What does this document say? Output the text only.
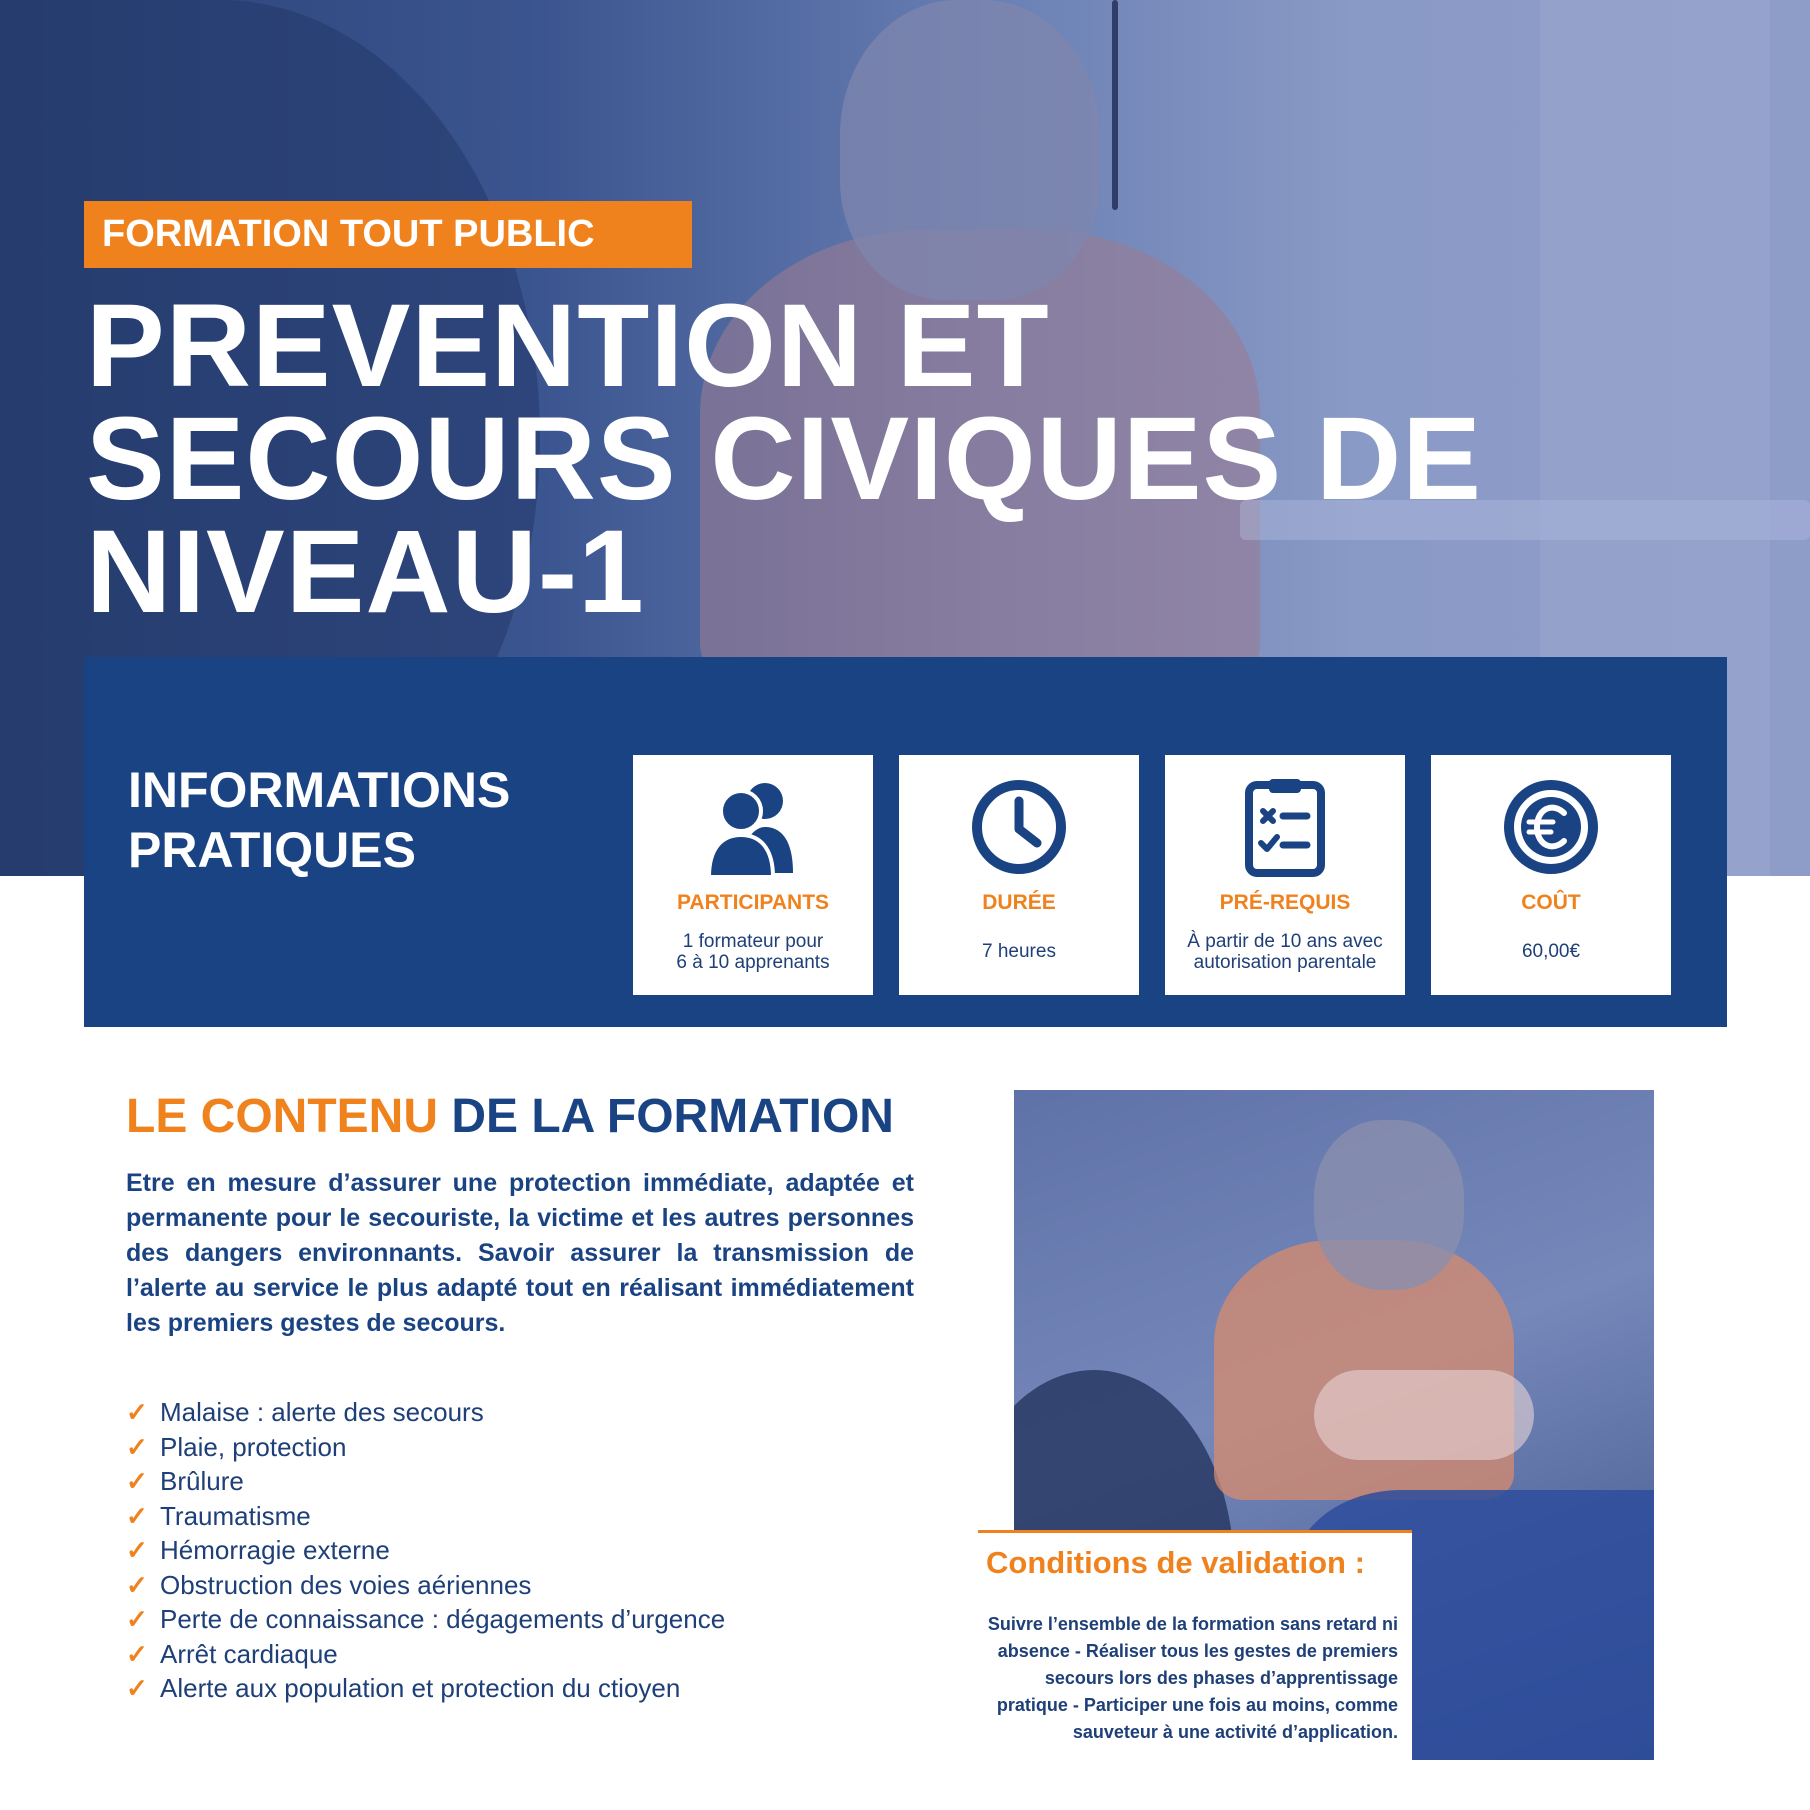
FORMATION TOUT PUBLIC
PREVENTION ET
SECOURS CIVIQUES DE
NIVEAU-1
INFORMATIONS
PRATIQUES
PARTICIPANTS
1 formateur pour
6 à 10 apprenants
DURÉE
7 heures
PRÉ-REQUIS
À partir de 10 ans avec
autorisation parentale
COÛT
60,00€
LE CONTENU DE LA FORMATION

Etre en mesure d’assurer une protection immédiate, adaptée et permanente pour le secouriste, la victime et les autres personnes des dangers environnants. Savoir assurer la transmission de l’alerte au service le plus adapté tout en réalisant immédiatement les premiers gestes de secours.

✓ Malaise : alerte des secours
✓ Plaie, protection
✓ Brûlure
✓ Traumatisme
✓ Hémorragie externe
✓ Obstruction des voies aériennes
✓ Perte de connaissance : dégagements d’urgence
✓ Arrêt cardiaque
✓ Alerte aux population et protection du ctioyen
Conditions de validation :
Suivre l’ensemble de la formation sans retard ni absence - Réaliser tous les gestes de premiers secours lors des phases d’apprentissage pratique - Participer une fois au moins, comme sauveteur à une activité d’application.
